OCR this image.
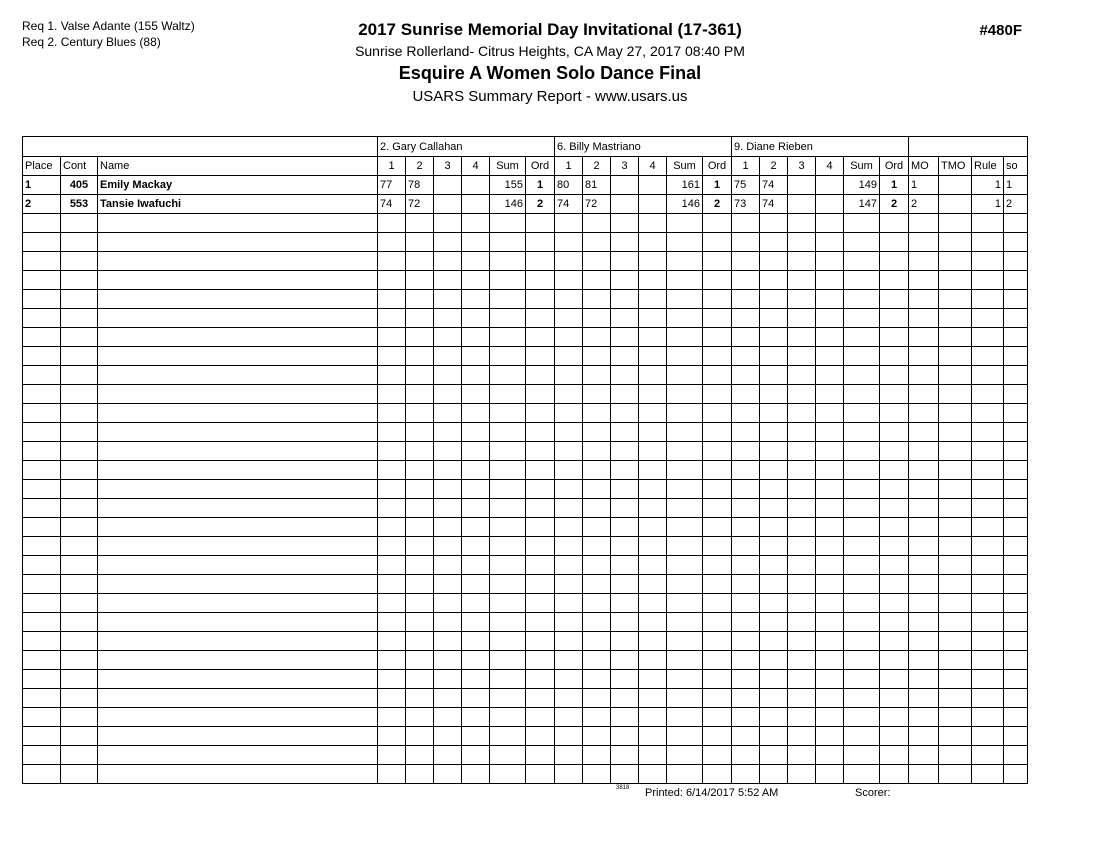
Req 1. Valse Adante (155 Waltz)
Req 2. Century Blues (88)
2017 Sunrise Memorial Day Invitational (17-361)
Sunrise Rollerland- Citrus Heights, CA May 27, 2017 08:40 PM
Esquire A Women Solo Dance Final
USARS Summary Report - www.usars.us
#480F
			2. Gary Callahan						6. Billy Mastriano						9. Diane Rieben									
Place	Cont	Name	1	2	3	4	Sum	Ord	1	2	3	4	Sum	Ord	1	2	3	4	Sum	Ord	MO	TMO	Rule	so
1	405	Emily Mackay	77	78			155	1	80	81			161	1	75	74			149	1	1		1	1
2	553	Tansie Iwafuchi	74	72			146	2	74	72			146	2	73	74			147	2	2		1	2

3818 Printed: 6/14/2017 5:52 AM	Scorer:
